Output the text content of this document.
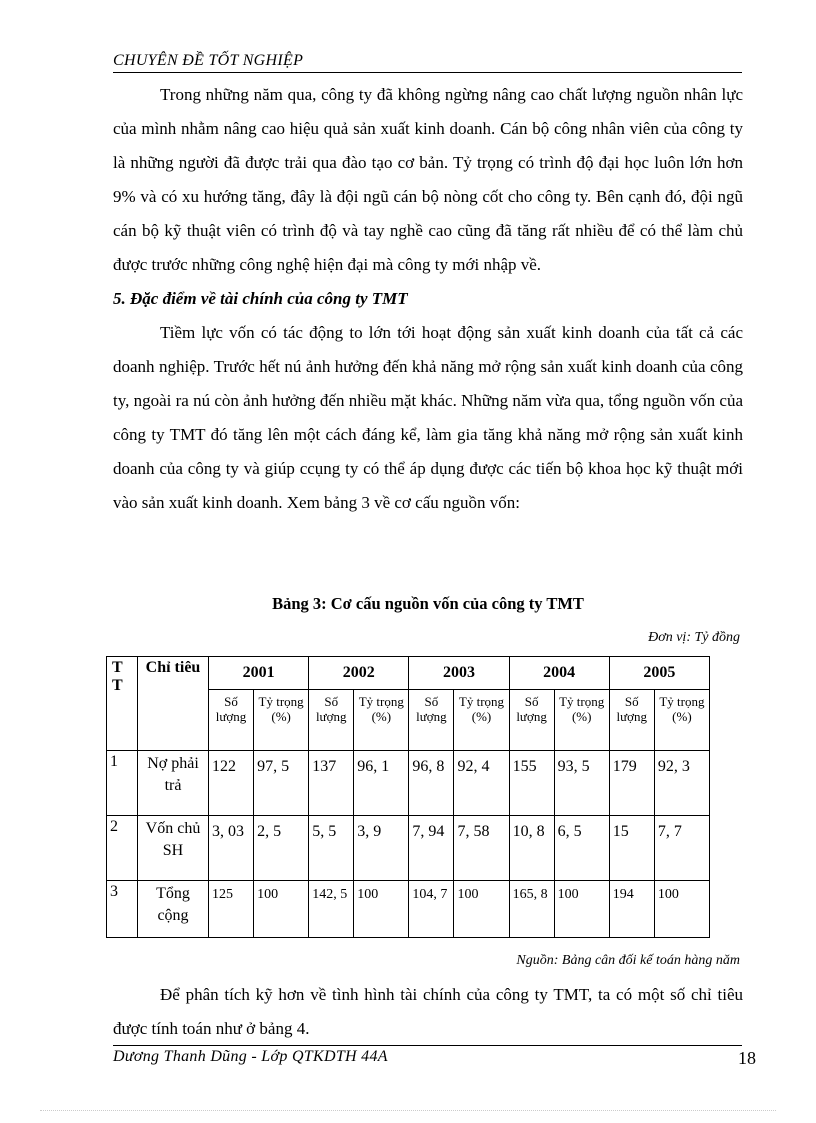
CHUYÊN ĐỀ TỐT NGHIỆP
Trong những năm qua, công ty đã không ngừng nâng cao chất lượng nguồn nhân lực của mình nhằm nâng cao hiệu quả sản xuất kinh doanh. Cán bộ công nhân viên của công ty là những người đã được trải qua đào tạo cơ bản. Tỷ trọng có trình độ đại học luôn lớn hơn 9% và có xu hướng tăng, đây là đội ngũ cán bộ nòng cốt cho công ty. Bên cạnh đó, đội ngũ cán bộ kỹ thuật viên có trình độ và tay nghề cao cũng đã tăng rất nhiều để có thể làm chủ được trước những công nghệ hiện đại mà công ty mới nhập về.
5. Đặc điểm về tài chính của công ty TMT
Tiềm lực vốn có tác động to lớn tới hoạt động sản xuất kinh doanh của tất cả các doanh nghiệp. Trước hết nú ảnh hưởng đến khả năng mở rộng sản xuất kinh doanh của công ty, ngoài ra nú còn ảnh hưởng đến nhiều mặt khác. Những năm vừa qua, tổng nguồn vốn của công ty TMT đó tăng lên một cách đáng kể, làm gia tăng khả năng mở rộng sản xuất kinh doanh của công ty và giúp ccụng ty có thể áp dụng được các tiến bộ khoa học kỹ thuật mới vào sản xuất kinh doanh. Xem bảng 3 về cơ cấu nguồn vốn:
Bảng 3: Cơ cấu nguồn vốn của công ty TMT
Đơn vị: Tỷ đồng
T T	Chỉ tiêu	2001		2002		2003		2004		2005	
		Số lượng	Tỷ trọng (%)	Số lượng	Tỷ trọng (%)	Số lượng	Tỷ trọng (%)	Số lượng	Tỷ trọng (%)	Số lượng	Tỷ trọng (%)
1	Nợ phải trả	122	97, 5	137	96, 1	96, 8	92, 4	155	93, 5	179	92, 3
2	Vốn chủ SH	3, 03	2, 5	5, 5	3, 9	7, 94	7, 58	10, 8	6, 5	15	7, 7
3	Tổng cộng	125	100	142, 5	100	104, 7	100	165, 8	100	194	100
Nguồn: Bảng cân đối kế toán hàng năm
Để phân tích kỹ hơn về tình hình tài chính của công ty TMT, ta có một số chỉ tiêu được tính toán như ở bảng 4.
Dương Thanh Dũng - Lớp QTKDTH 44A	18
